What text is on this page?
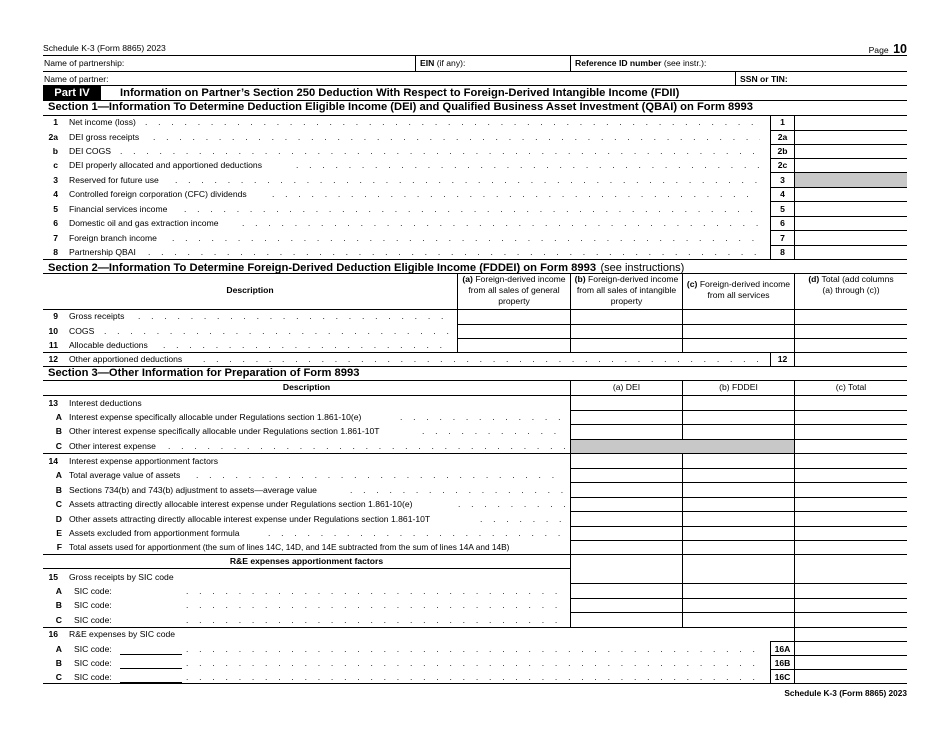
Schedule K-3 (Form 8865) 2023	Page 10
Name of partnership:	EIN (if any):	Reference ID number (see instr.):
Name of partner:	SSN or TIN:
Part IV	Information on Partner’s Section 250 Deduction With Respect to Foreign-Derived Intangible Income (FDII)
Section 1—Information To Determine Deduction Eligible Income (DEI) and Qualified Business Asset Investment (QBAI) on Form 8993
1 Net income (loss) . . .	1
2a DEI gross receipts . . .	2a
b DEI COGS . . .	2b
c DEI properly allocated and apportioned deductions . . .	2c
3 Reserved for future use . . .	3
4 Controlled foreign corporation (CFC) dividends . . .	4
5 Financial services income . . .	5
6 Domestic oil and gas extraction income . . .	6
7 Foreign branch income . . .	7
8 Partnership QBAI . . .	8
Section 2—Information To Determine Foreign-Derived Deduction Eligible Income (FDDEI) on Form 8993 (see instructions)
Description
(a) Foreign-derived income from all sales of general property
(b) Foreign-derived income from all sales of intangible property
(c) Foreign-derived income from all services
(d) Total (add columns (a) through (c))
9 Gross receipts
. . .
10 COGS
. . .
11 Allocable deductions
. . .
12 Other apportioned deductions . . .	12
Section 3—Other Information for Preparation of Form 8993
Description	(a) DEI	(b) FDDEI	(c) Total
13 Interest deductions
A Interest expense specifically allocable under Regulations section 1.861-10(e)
. . .
B Other interest expense specifically allocable under Regulations section 1.861-10T
. . .
C Other interest expense
. . .
14 Interest expense apportionment factors
A Total average value of assets
. . .
B Sections 734(b) and 743(b) adjustment to assets—average value
. . .
C Assets attracting directly allocable interest expense under Regulations section 1.861-10(e)
. . .
D Other assets attracting directly allocable interest expense under Regulations section 1.861-10T
. . .
E Assets excluded from apportionment formula
. . .
F Total assets used for apportionment (the sum of lines 14C, 14D, and 14E subtracted from the sum of lines 14A and 14B)
R&E expenses apportionment factors
15 Gross receipts by SIC code
A SIC code:
. . .
B SIC code:
. . .
C SIC code:
. . .
16 R&E expenses by SIC code
A SIC code: . . .	16A
B SIC code: . . .	16B
C SIC code: . . .	16C
Schedule K-3 (Form 8865) 2023
